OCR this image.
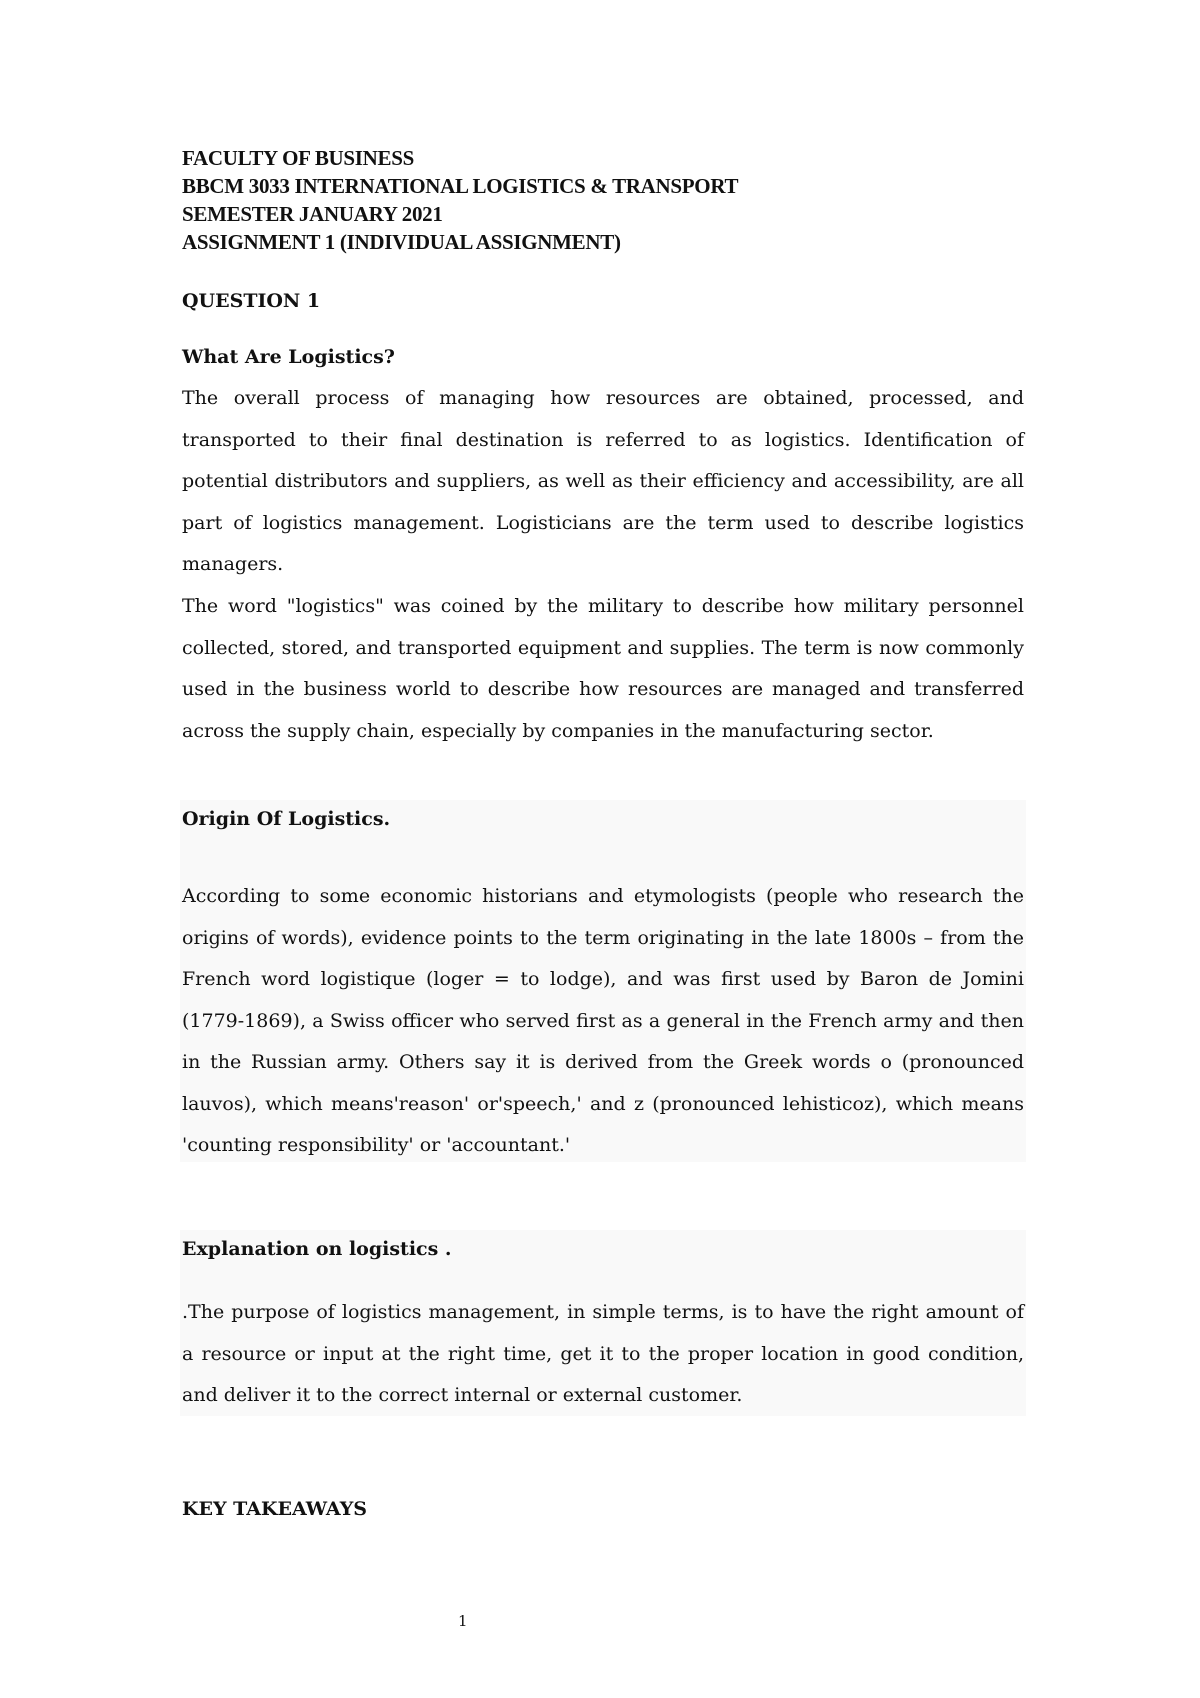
FACULTY OF BUSINESS
BBCM 3033 INTERNATIONAL LOGISTICS & TRANSPORT
SEMESTER JANUARY 2021
ASSIGNMENT 1 (INDIVIDUAL ASSIGNMENT)
QUESTION 1
What Are Logistics?

The overall process of managing how resources are obtained, processed, and transported to their final destination is referred to as logistics. Identification of potential distributors and suppliers, as well as their efficiency and accessibility, are all part of logistics management. Logisticians are the term used to describe logistics managers.

The word "logistics" was coined by the military to describe how military personnel collected, stored, and transported equipment and supplies. The term is now commonly used in the business world to describe how resources are managed and transferred across the supply chain, especially by companies in the manufacturing sector.

Origin Of Logistics.

According to some economic historians and etymologists (people who research the origins of words), evidence points to the term originating in the late 1800s – from the French word logistique (loger = to lodge), and was first used by Baron de Jomini (1779-1869), a Swiss officer who served first as a general in the French army and then in the Russian army. Others say it is derived from the Greek words o (pronounced lauvos), which means'reason' or'speech,' and z (pronounced lehisticoz), which means 'counting responsibility' or 'accountant.'

Explanation on logistics .

.The purpose of logistics management, in simple terms, is to have the right amount of a resource or input at the right time, get it to the proper location in good condition, and deliver it to the correct internal or external customer.

KEY TAKEAWAYS
1
